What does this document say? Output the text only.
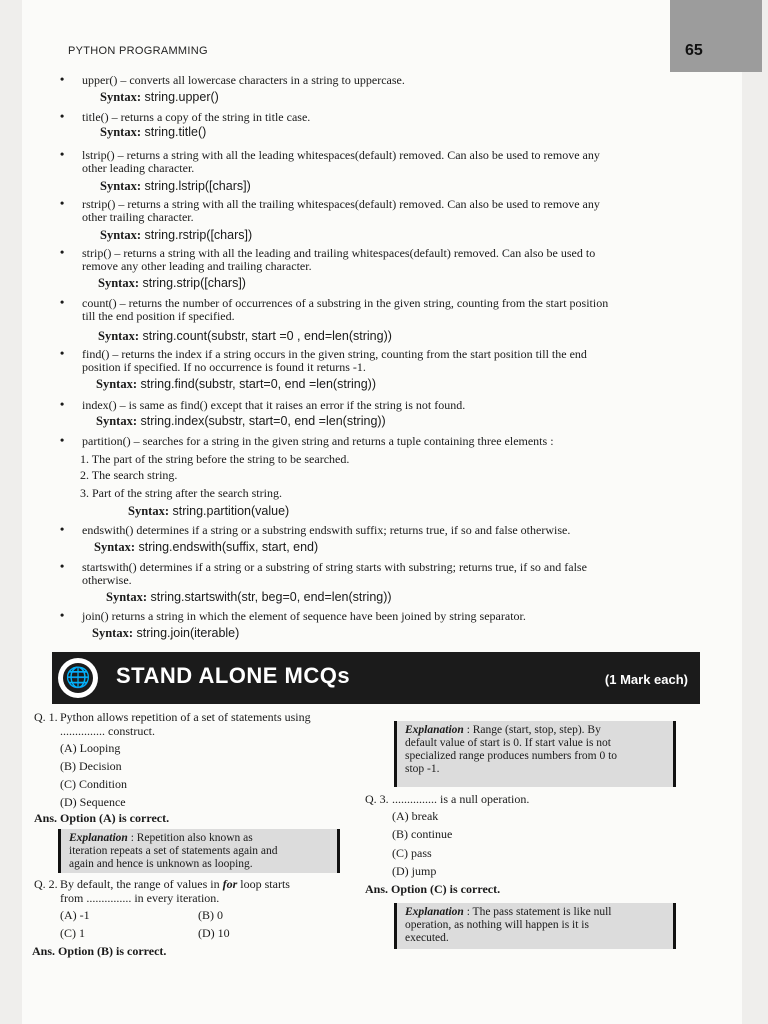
PYTHON PROGRAMMING	65
• upper() – converts all lowercase characters in a string to uppercase.
Syntax: string.upper()
• title() – returns a copy of the string in title case.
Syntax: string.title()
• lstrip() – returns a string with all the leading whitespaces(default) removed. Can also be used to remove any
other leading character.
Syntax: string.lstrip([chars])
• rstrip() – returns a string with all the trailing whitespaces(default) removed. Can also be used to remove any
other trailing character.
Syntax: string.rstrip([chars])
• strip() – returns a string with all the leading and trailing whitespaces(default) removed. Can also be used to
remove any other leading and trailing character.
Syntax: string.strip([chars])
• count() – returns the number of occurrences of a substring in the given string, counting from the start position
till the end position if specified.
Syntax: string.count(substr, start =0 , end=len(string))
• find() – returns the index if a string occurs in the given string, counting from the start position till the end
position if specified. If no occurrence is found it returns -1.
Syntax: string.find(substr, start=0, end =len(string))
• index() – is same as find() except that it raises an error if the string is not found.
Syntax: string.index(substr, start=0, end =len(string))
• partition() – searches for a string in the given string and returns a tuple containing three elements :
1. The part of the string before the string to be searched.
2. The search string.
3. Part of the string after the search string.
Syntax: string.partition(value)
• endswith() determines if a string or a substring endswith suffix; returns true, if so and false otherwise.
Syntax: string.endswith(suffix, start, end)
• startswith() determines if a string or a substring of string starts with substring; returns true, if so and false
otherwise.
Syntax: string.startswith(str, beg=0, end=len(string))
• join() returns a string in which the element of sequence have been joined by string separator.
Syntax: string.join(iterable)
🌐 STAND ALONE MCQs	(1 Mark each)
Q. 1. Python allows repetition of a set of statements using
............... construct.
(A) Looping
(B) Decision
(C) Condition
(D) Sequence
Ans. Option (A) is correct.
Explanation : Repetition also known as
iteration repeats a set of statements again and
again and hence is unknown as looping.
Q. 2. By default, the range of values in for loop starts
from ............... in every iteration.
(A) -1	(B) 0
(C) 1	(D) 10
Ans. Option (B) is correct.
Explanation : Range (start, stop, step). By
default value of start is 0. If start value is not
specialized range produces numbers from 0 to
stop -1.
Q. 3. ............... is a null operation.
(A) break
(B) continue
(C) pass
(D) jump
Ans. Option (C) is correct.
Explanation : The pass statement is like null
operation, as nothing will happen is it is
executed.
